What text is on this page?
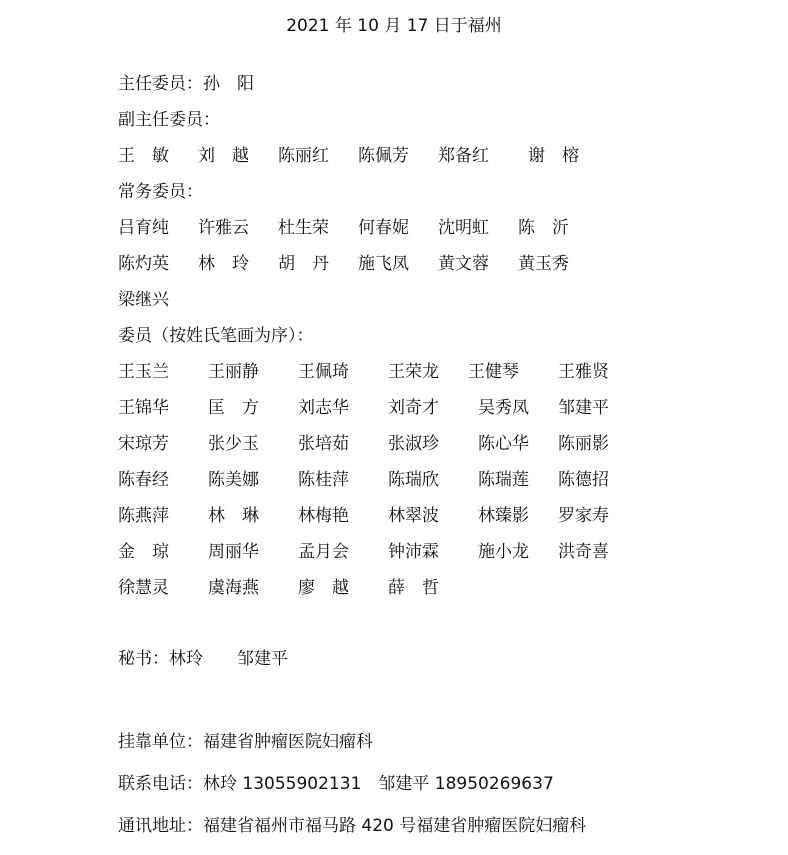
2021 年 10 月 17 日于福州
主任委员：孙　阳
副主任委员：
王　敏 刘　越 陈丽红 陈佩芳 郑备红 谢　榕
常务委员：
吕育纯 许雅云 杜生荣 何春妮 沈明虹 陈　沂
陈灼英 林　玲 胡　丹 施飞凤 黄文蓉 黄玉秀
梁继兴
委员（按姓氏笔画为序）：
王玉兰 王丽静 王佩琦 王荣龙 王健琴 王雅贤
王锦华 匡　方 刘志华 刘奇才 吴秀凤 邹建平
宋琼芳 张少玉 张培茹 张淑珍 陈心华 陈丽影
陈春经 陈美娜 陈桂萍 陈瑞欣 陈瑞莲 陈德招
陈燕萍 林　琳 林梅艳 林翠波 林臻影 罗家寿
金　琼 周丽华 孟月会 钟沛霖 施小龙 洪奇喜
徐慧灵 虞海燕 廖　越 薛　哲
秘书：林玲　　邹建平
挂靠单位：福建省肿瘤医院妇瘤科
联系电话：林玲 13055902131　邹建平 18950269637
通讯地址：福建省福州市福马路 420 号福建省肿瘤医院妇瘤科
